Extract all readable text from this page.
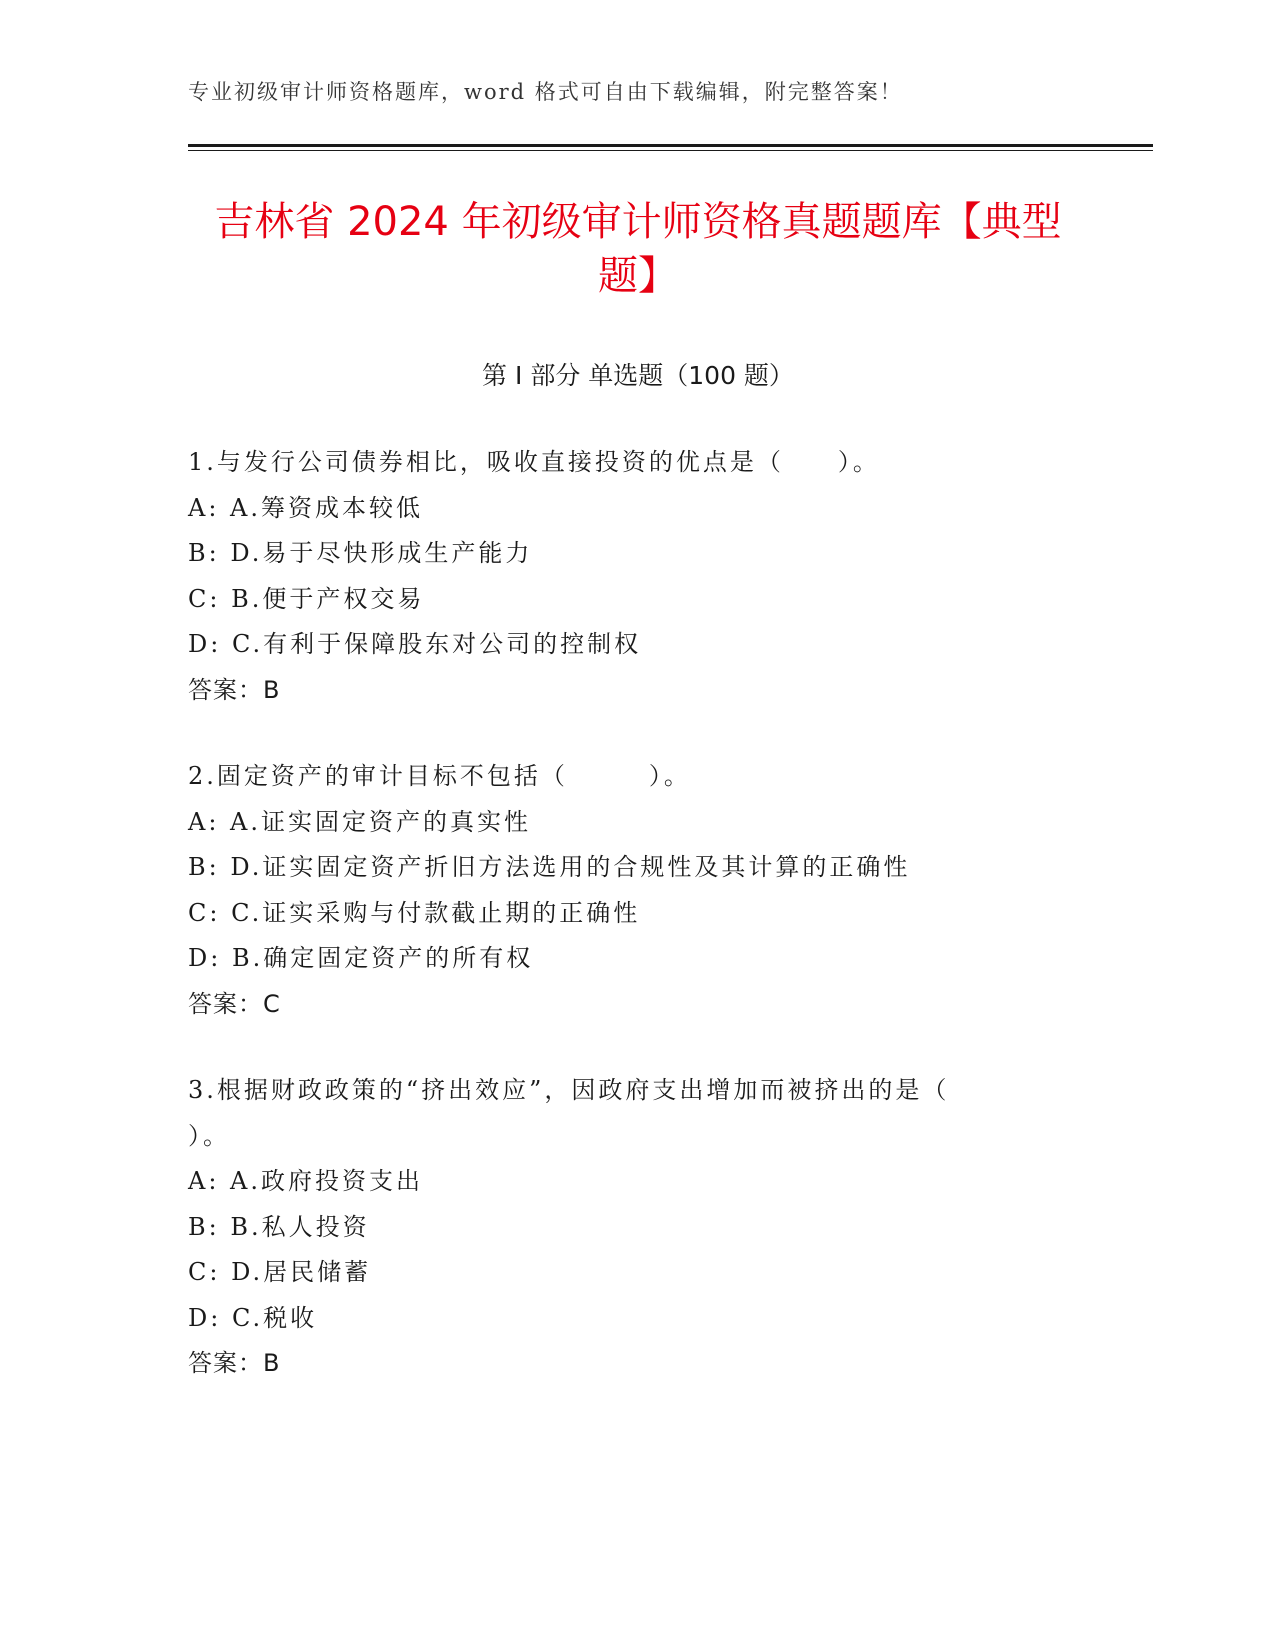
专业初级审计师资格题库，word 格式可自由下载编辑，附完整答案！
吉林省 2024 年初级审计师资格真题题库【典型题】
第 I 部分 单选题（100 题）
1.与发行公司债券相比，吸收直接投资的优点是（　　）。
A: A.筹资成本较低
B: D.易于尽快形成生产能力
C: B.便于产权交易
D: C.有利于保障股东对公司的控制权
答案：B
2.固定资产的审计目标不包括（　　　）。
A: A.证实固定资产的真实性
B: D.证实固定资产折旧方法选用的合规性及其计算的正确性
C: C.证实采购与付款截止期的正确性
D: B.确定固定资产的所有权
答案：C
3.根据财政政策的“挤出效应”，因政府支出增加而被挤出的是（　　　）。
A: A.政府投资支出
B: B.私人投资
C: D.居民储蓄
D: C.税收
答案：B
